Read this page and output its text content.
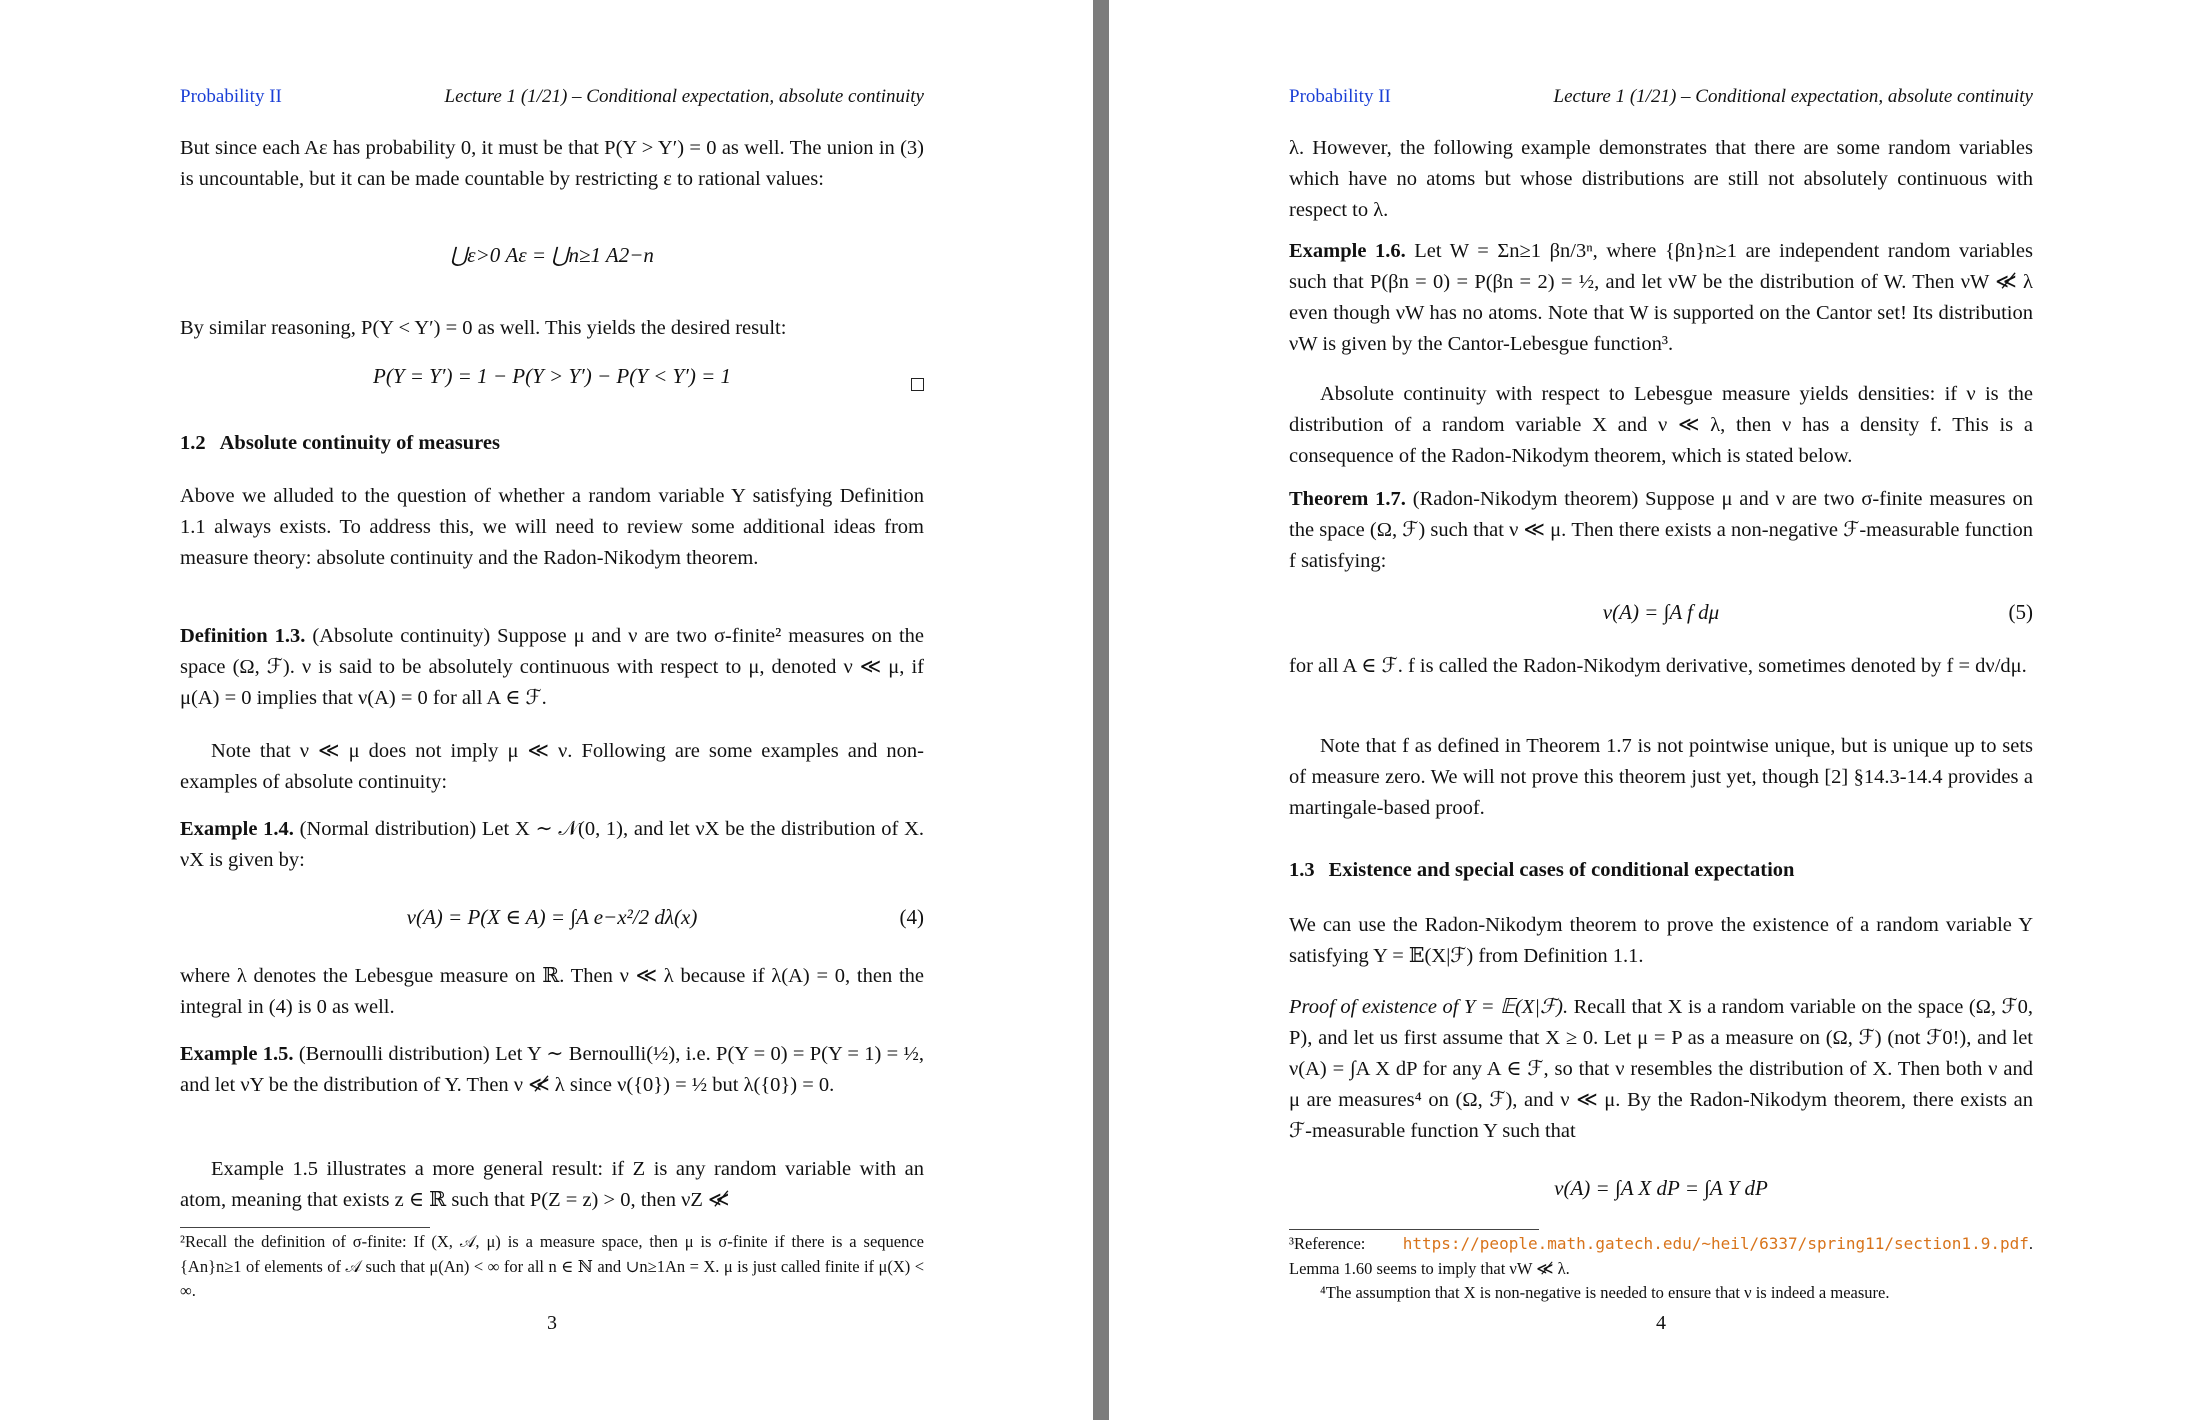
Probability II	Lecture 1 (1/21) – Conditional expectation, absolute continuity
But since each Aε has probability 0, it must be that P(Y > Y′) = 0 as well. The union in (3) is uncountable, but it can be made countable by restricting ε to rational values:
⋃ε>0 Aε = ⋃n≥1 A2−n
By similar reasoning, P(Y < Y′) = 0 as well. This yields the desired result:
P(Y = Y′) = 1 − P(Y > Y′) − P(Y < Y′) = 1
1.2 Absolute continuity of measures
Above we alluded to the question of whether a random variable Y satisfying Definition 1.1 always exists. To address this, we will need to review some additional ideas from measure theory: absolute continuity and the Radon-Nikodym theorem.
Definition 1.3. (Absolute continuity) Suppose μ and ν are two σ-finite² measures on the space (Ω, ℱ). ν is said to be absolutely continuous with respect to μ, denoted ν ≪ μ, if μ(A) = 0 implies that ν(A) = 0 for all A ∈ ℱ.
Note that ν ≪ μ does not imply μ ≪ ν. Following are some examples and non-examples of absolute continuity:
Example 1.4. (Normal distribution) Let X ∼ 𝒩(0, 1), and let νX be the distribution of X. νX is given by:
ν(A) = P(X ∈ A) = ∫A e−x²/2 dλ(x)	(4)
where λ denotes the Lebesgue measure on ℝ. Then ν ≪ λ because if λ(A) = 0, then the integral in (4) is 0 as well.
Example 1.5. (Bernoulli distribution) Let Y ∼ Bernoulli(½), i.e. P(Y = 0) = P(Y = 1) = ½, and let νY be the distribution of Y. Then ν ≪̸ λ since ν({0}) = ½ but λ({0}) = 0.
Example 1.5 illustrates a more general result: if Z is any random variable with an atom, meaning that exists z ∈ ℝ such that P(Z = z) > 0, then νZ ≪̸
²Recall the definition of σ-finite: If (X, 𝒜, μ) is a measure space, then μ is σ-finite if there is a sequence {An}n≥1 of elements of 𝒜 such that μ(An) < ∞ for all n ∈ ℕ and ∪n≥1An = X. μ is just called finite if μ(X) < ∞.
3
Probability II	Lecture 1 (1/21) – Conditional expectation, absolute continuity
λ. However, the following example demonstrates that there are some random variables which have no atoms but whose distributions are still not absolutely continuous with respect to λ.
Example 1.6. Let W = Σn≥1 βn/3ⁿ, where {βn}n≥1 are independent random variables such that P(βn = 0) = P(βn = 2) = ½, and let νW be the distribution of W. Then νW ≪̸ λ even though νW has no atoms. Note that W is supported on the Cantor set! Its distribution νW is given by the Cantor-Lebesgue function³.
Absolute continuity with respect to Lebesgue measure yields densities: if ν is the distribution of a random variable X and ν ≪ λ, then ν has a density f. This is a consequence of the Radon-Nikodym theorem, which is stated below.
Theorem 1.7. (Radon-Nikodym theorem) Suppose μ and ν are two σ-finite measures on the space (Ω, ℱ) such that ν ≪ μ. Then there exists a non-negative ℱ-measurable function f satisfying:
ν(A) = ∫A f dμ	(5)
for all A ∈ ℱ. f is called the Radon-Nikodym derivative, sometimes denoted by f = dν/dμ.
Note that f as defined in Theorem 1.7 is not pointwise unique, but is unique up to sets of measure zero. We will not prove this theorem just yet, though [2] §14.3-14.4 provides a martingale-based proof.
1.3 Existence and special cases of conditional expectation
We can use the Radon-Nikodym theorem to prove the existence of a random variable Y satisfying Y = 𝔼(X|ℱ) from Definition 1.1.
Proof of existence of Y = 𝔼(X|ℱ). Recall that X is a random variable on the space (Ω, ℱ0, P), and let us first assume that X ≥ 0. Let μ = P as a measure on (Ω, ℱ) (not ℱ0!), and let ν(A) = ∫A X dP for any A ∈ ℱ, so that ν resembles the distribution of X. Then both ν and μ are measures⁴ on (Ω, ℱ), and ν ≪ μ. By the Radon-Nikodym theorem, there exists an ℱ-measurable function Y such that
ν(A) = ∫A X dP = ∫A Y dP
³Reference: https://people.math.gatech.edu/~heil/6337/spring11/section1.9.pdf. Lemma 1.60 seems to imply that νW ≪̸ λ.
⁴The assumption that X is non-negative is needed to ensure that ν is indeed a measure.
4
